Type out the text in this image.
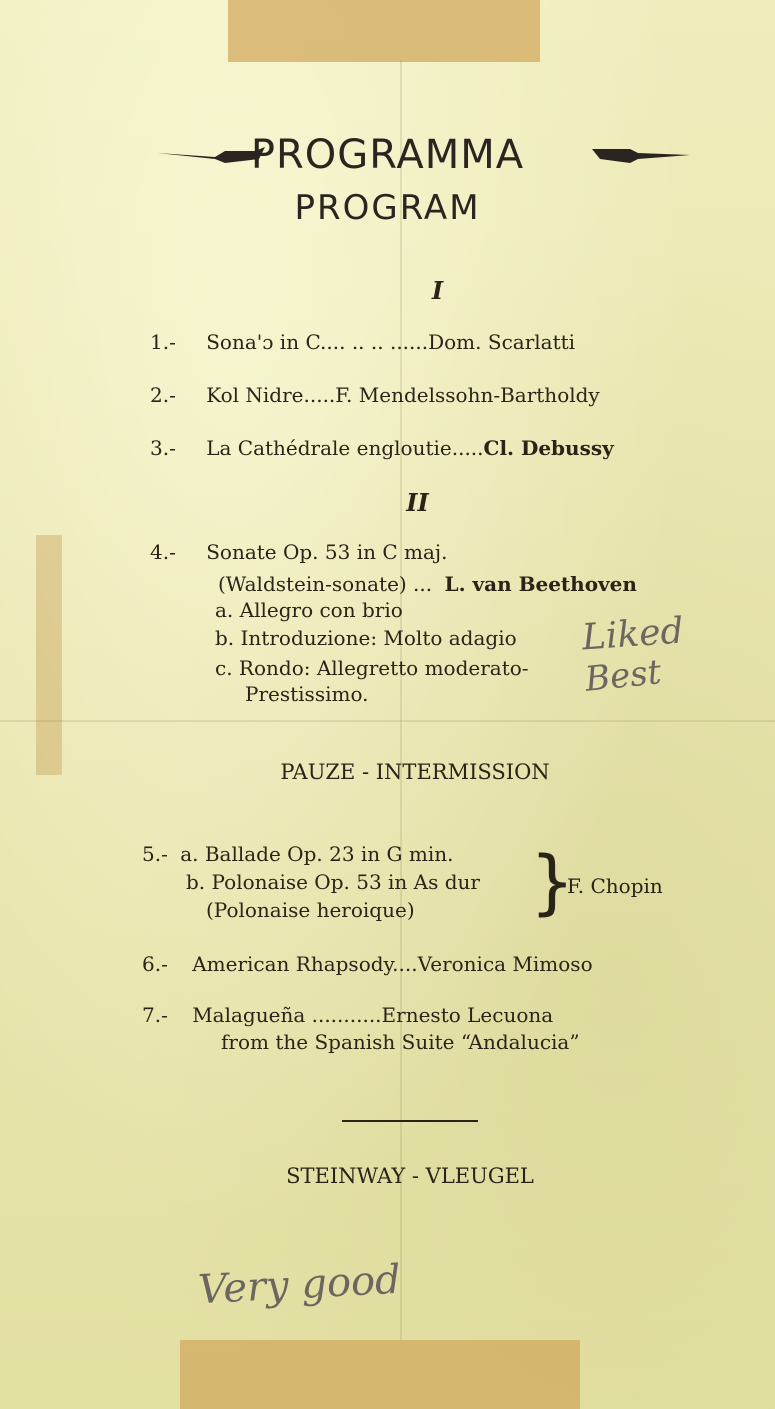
PROGRAMMA
PROGRAM
I
1.- Sona'ɔ in C.... .. .. ......Dom. Scarlatti
2.- Kol Nidre.....F. Mendelssohn-Bartholdy
3.- La Cathédrale engloutie.....Cl. Debussy
II
4.- Sonate Op. 53 in C maj.
(Waldstein-sonate) ... L. van Beethoven
a. Allegro con brio
b. Introduzione: Molto adagio
c. Rondo: Allegretto moderato-
Prestissimo.
Liked
Best
PAUZE - INTERMISSION
5.- a. Ballade Op. 23 in G min.
b. Polonaise Op. 53 in As dur
(Polonaise heroique) }
F. Chopin
6.- American Rhapsody....Veronica Mimoso
7.- Malagueña ...........Ernesto Lecuona
from the Spanish Suite “Andalucia”
STEINWAY - VLEUGEL
Very good
